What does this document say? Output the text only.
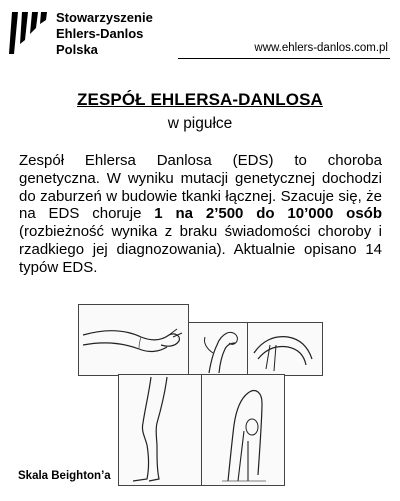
Stowarzyszenie
Ehlers-Danlos
Polska	www.ehlers-danlos.com.pl
ZESPÓŁ EHLERSA-DANLOSA
w pigułce
Zespół Ehlersa Danlosa (EDS) to choroba genetyczna. W wyniku mutacji genetycznej dochodzi do zaburzeń w budowie tkanki łącznej. Szacuje się, że na EDS choruje 1 na 2’500 do 10’000 osób (rozbieżność wynika z braku świadomości choroby i rzadkiego jej diagnozowania). Aktualnie opisano 14 typów EDS.
Skala Beighton’a
